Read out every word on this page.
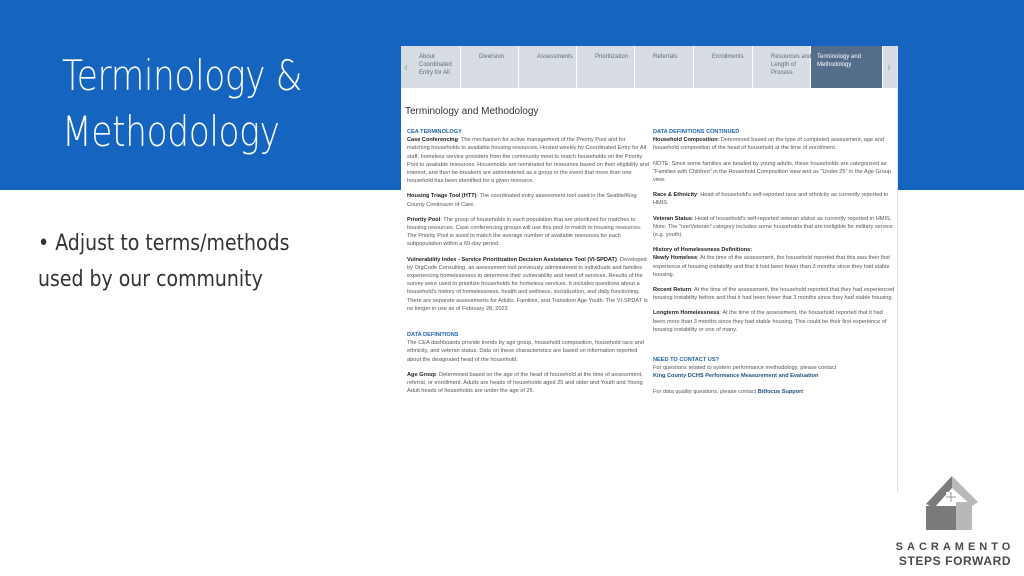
Terminology & Methodology
• Adjust to terms/methods used by our community
‹
About Coordinated Entry for All
Diversion	Assessments	Prioritization	Referrals	Enrollments	Resources and Length of Process
Terminology and Methodology	›
Terminology and Methodology
CEA TERMINOLOGY
Case Conferencing: The mechanism for active management of the Priority Pool and for matching households to available housing resources. Hosted weekly by Coordinated Entry for All staff, homeless service providers from the community meet to match households on the Priority Pool to available resources. Households are nominated for resources based on their eligibility and interest, and then tie-breakers are administered as a group in the event that more than one household has been identified for a given resource.
Housing Triage Tool (HTT): The coordinated entry assessment tool used in the Seattle/King County Continuum of Care.
Priority Pool: The group of households in each population that are prioritized for matches to housing resources. Case conferencing groups will use this pool to match to housing resources. The Priority Pool is sized to match the average number of available resources for each subpopulation within a 60-day period.
Vulnerability Index - Service Prioritization Decision Assistance Tool (VI-SPDAT): Developed by OrgCode Consulting, an assessment tool previously administered to individuals and families experiencing homelessness to determine their vulnerability and need of services. Results of the survey were used to prioritize households for homeless services. It includes questions about a household's history of homelessness, health and wellness, socialization, and daily functioning. There are separate assessments for Adults, Families, and Transition Age Youth. The VI-SPDAT is no longer in use as of February 28, 2022
DATA DEFINITIONS
The CEA dashboards provide trends by age group, household composition, household race and ethnicity, and veteran status. Data on these characteristics are based on information reported about the designated head of the household.
Age Group: Determined based on the age of the head of household at the time of assessment, referral, or enrollment. Adults are heads of households aged 25 and older and Youth and Young Adult heads of households are under the age of 25.
DATA DEFINITIONS CONTINUED
Household Composition: Determined based on the type of completed assessment, age and household composition of the head of household at the time of enrollment.
NOTE: Since some families are headed by young adults, these households are categorized as "Families with Children" in the Household Composition view and as "Under 25" in the Age Group view.
Race & Ethnicity: Head of household's self-reported race and ethnicity as currently reported in HMIS.
Veteran Status: Head of household's self-reported veteran status as currently reported in HMIS. Note: The "nonVeteran" category includes some households that are ineligible for military service (e.g. youth).
History of Homelessness Definitions:
Newly Homeless: At the time of the assessment, the household reported that this was their first experience of housing instability and that it had been fewer than 3 months since they had stable housing.
Recent Return: At the time of the assessment, the household reported that they had experienced housing instability before and that it had been fewer that 3 months since they had stable housing.
Longterm Homelessness: At the time of the assessment, the household reported that it had been more than 3 months since they had stable housing. This could be their first experience of housing instability or one of many.
NEED TO CONTACT US?
For questions related to system performance methodology, please contact
King County DCHS Performance Measurement and Evaluation
For data quality questions, please contact Bitfocus Support
SACRAMENTO
STEPS FORWARD
